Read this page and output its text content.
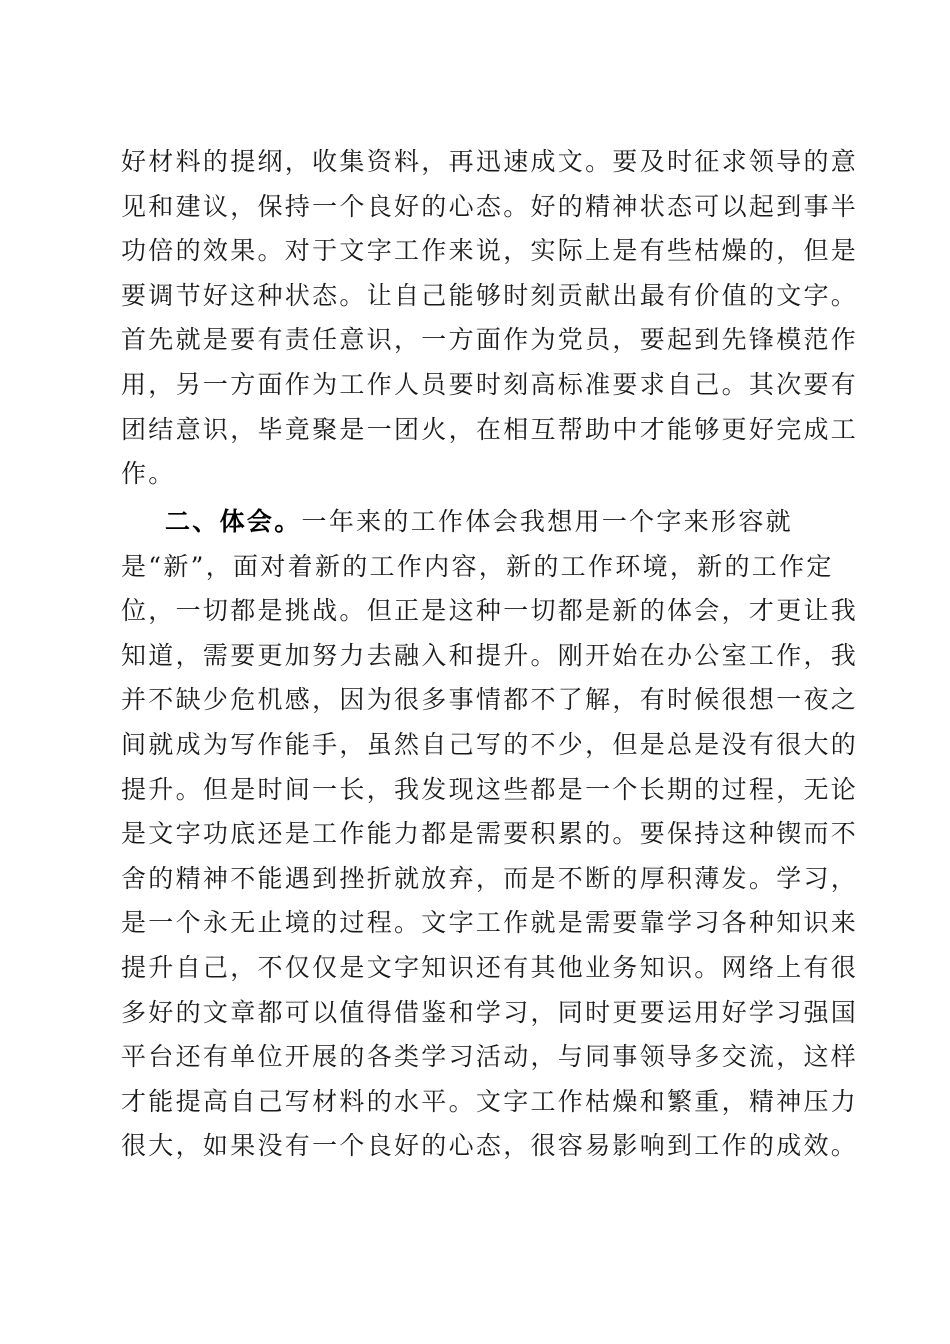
好材料的提纲，收集资料，再迅速成文。要及时征求领导的意
见和建议，保持一个良好的心态。好的精神状态可以起到事半
功倍的效果。对于文字工作来说，实际上是有些枯燥的，但是
要调节好这种状态。让自己能够时刻贡献出最有价值的文字。
首先就是要有责任意识，一方面作为党员，要起到先锋模范作
用，另一方面作为工作人员要时刻高标准要求自己。其次要有
团结意识，毕竟聚是一团火，在相互帮助中才能够更好完成工
作。
二、体会。一年来的工作体会我想用一个字来形容就
是“新”，面对着新的工作内容，新的工作环境，新的工作定
位，一切都是挑战。但正是这种一切都是新的体会，才更让我
知道，需要更加努力去融入和提升。刚开始在办公室工作，我
并不缺少危机感，因为很多事情都不了解，有时候很想一夜之
间就成为写作能手，虽然自己写的不少，但是总是没有很大的
提升。但是时间一长，我发现这些都是一个长期的过程，无论
是文字功底还是工作能力都是需要积累的。要保持这种锲而不
舍的精神不能遇到挫折就放弃，而是不断的厚积薄发。学习，
是一个永无止境的过程。文字工作就是需要靠学习各种知识来
提升自己，不仅仅是文字知识还有其他业务知识。网络上有很
多好的文章都可以值得借鉴和学习，同时更要运用好学习强国
平台还有单位开展的各类学习活动，与同事领导多交流，这样
才能提高自己写材料的水平。文字工作枯燥和繁重，精神压力
很大，如果没有一个良好的心态，很容易影响到工作的成效。
